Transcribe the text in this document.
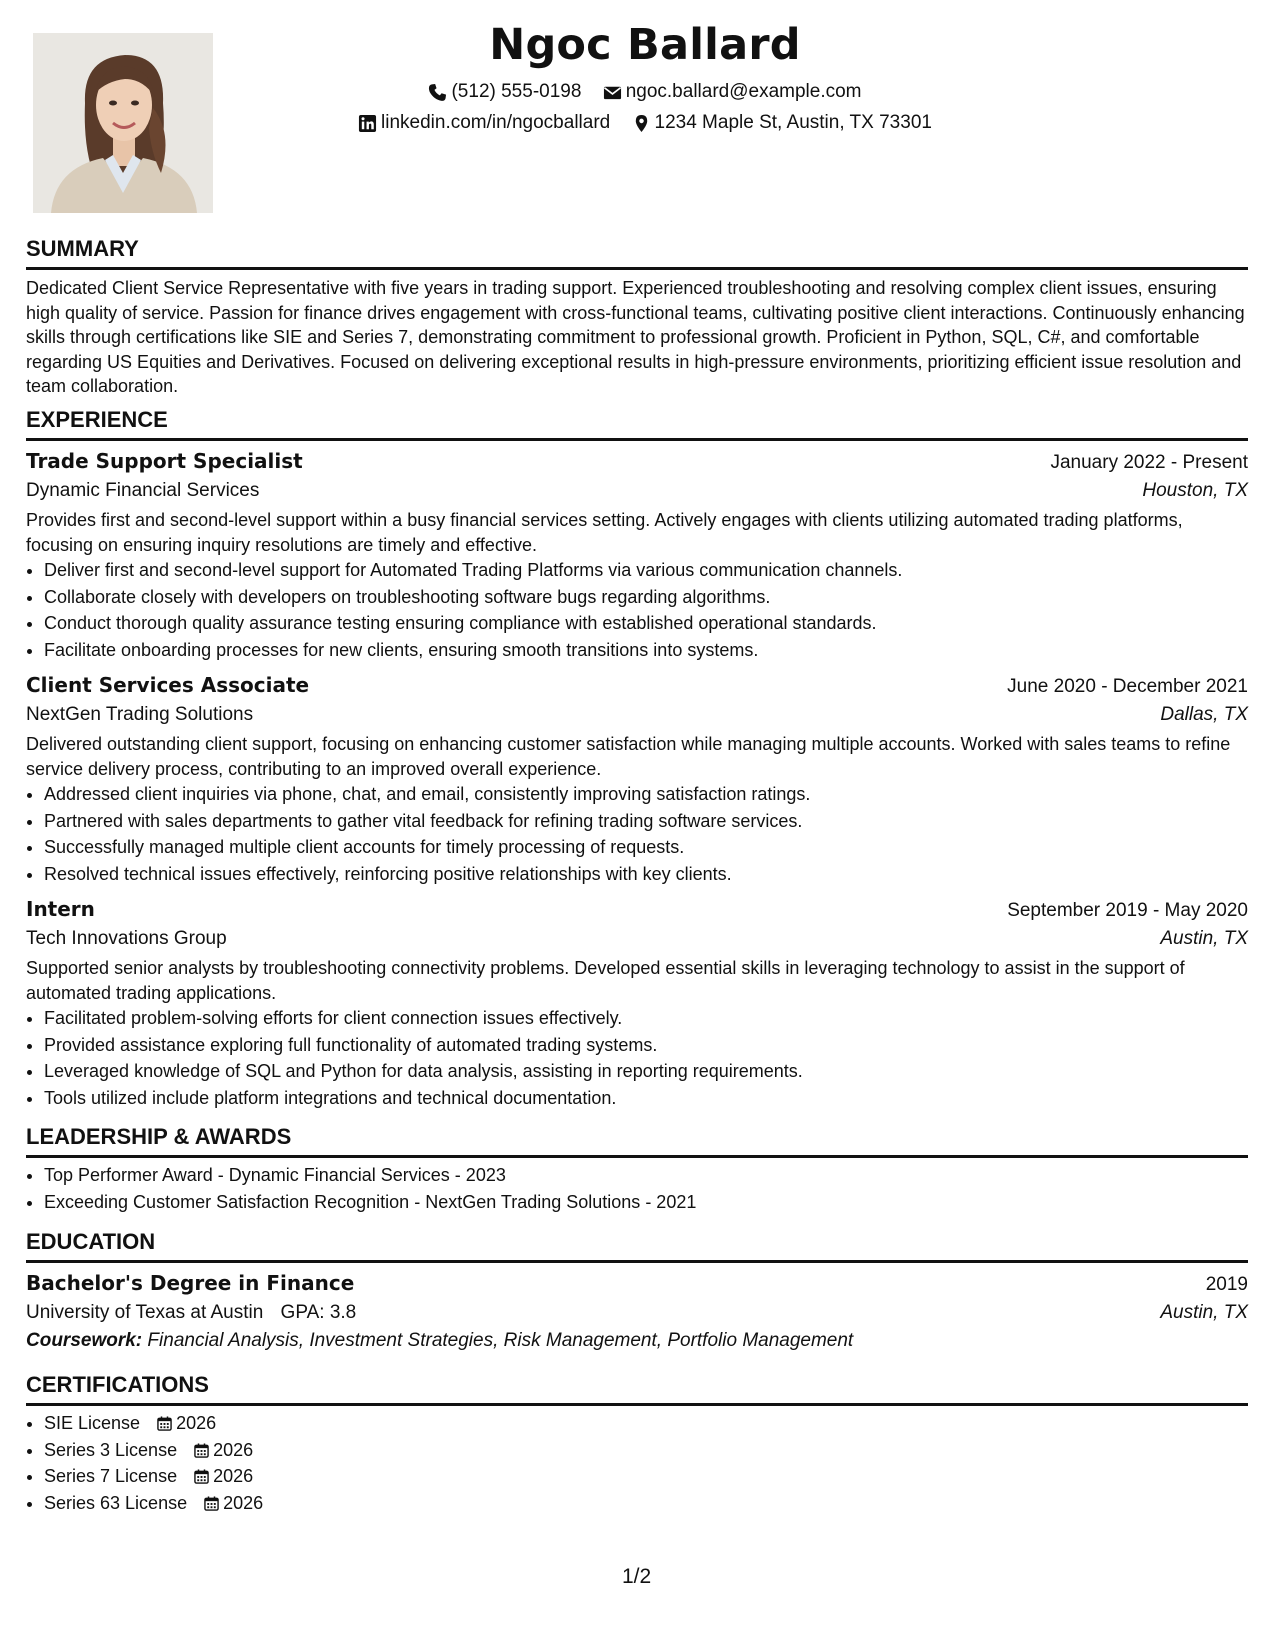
Ngoc Ballard
(512) 555-0198
ngoc.ballard@example.com
linkedin.com/in/ngocballard
1234 Maple St, Austin, TX 73301
SUMMARY
Dedicated Client Service Representative with five years in trading support. Experienced troubleshooting and resolving complex client issues, ensuring high quality of service. Passion for finance drives engagement with cross-functional teams, cultivating positive client interactions. Continuously enhancing skills through certifications like SIE and Series 7, demonstrating commitment to professional growth. Proficient in Python, SQL, C#, and comfortable regarding US Equities and Derivatives. Focused on delivering exceptional results in high-pressure environments, prioritizing efficient issue resolution and team collaboration.
EXPERIENCE
Trade Support Specialist	January 2022 - Present
Dynamic Financial Services	Houston, TX
Provides first and second-level support within a busy financial services setting. Actively engages with clients utilizing automated trading platforms, focusing on ensuring inquiry resolutions are timely and effective.
• Deliver first and second-level support for Automated Trading Platforms via various communication channels.
• Collaborate closely with developers on troubleshooting software bugs regarding algorithms.
• Conduct thorough quality assurance testing ensuring compliance with established operational standards.
• Facilitate onboarding processes for new clients, ensuring smooth transitions into systems.
Client Services Associate	June 2020 - December 2021
NextGen Trading Solutions	Dallas, TX
Delivered outstanding client support, focusing on enhancing customer satisfaction while managing multiple accounts. Worked with sales teams to refine service delivery process, contributing to an improved overall experience.
• Addressed client inquiries via phone, chat, and email, consistently improving satisfaction ratings.
• Partnered with sales departments to gather vital feedback for refining trading software services.
• Successfully managed multiple client accounts for timely processing of requests.
• Resolved technical issues effectively, reinforcing positive relationships with key clients.
Intern	September 2019 - May 2020
Tech Innovations Group	Austin, TX
Supported senior analysts by troubleshooting connectivity problems. Developed essential skills in leveraging technology to assist in the support of automated trading applications.
• Facilitated problem-solving efforts for client connection issues effectively.
• Provided assistance exploring full functionality of automated trading systems.
• Leveraged knowledge of SQL and Python for data analysis, assisting in reporting requirements.
• Tools utilized include platform integrations and technical documentation.
LEADERSHIP & AWARDS
• Top Performer Award - Dynamic Financial Services - 2023
• Exceeding Customer Satisfaction Recognition - NextGen Trading Solutions - 2021
EDUCATION
Bachelor's Degree in Finance	2019
University of Texas at Austin GPA: 3.8	Austin, TX
Coursework: Financial Analysis, Investment Strategies, Risk Management, Portfolio Management
CERTIFICATIONS
• SIE License 2026
• Series 3 License 2026
• Series 7 License 2026
• Series 63 License 2026
1/2
